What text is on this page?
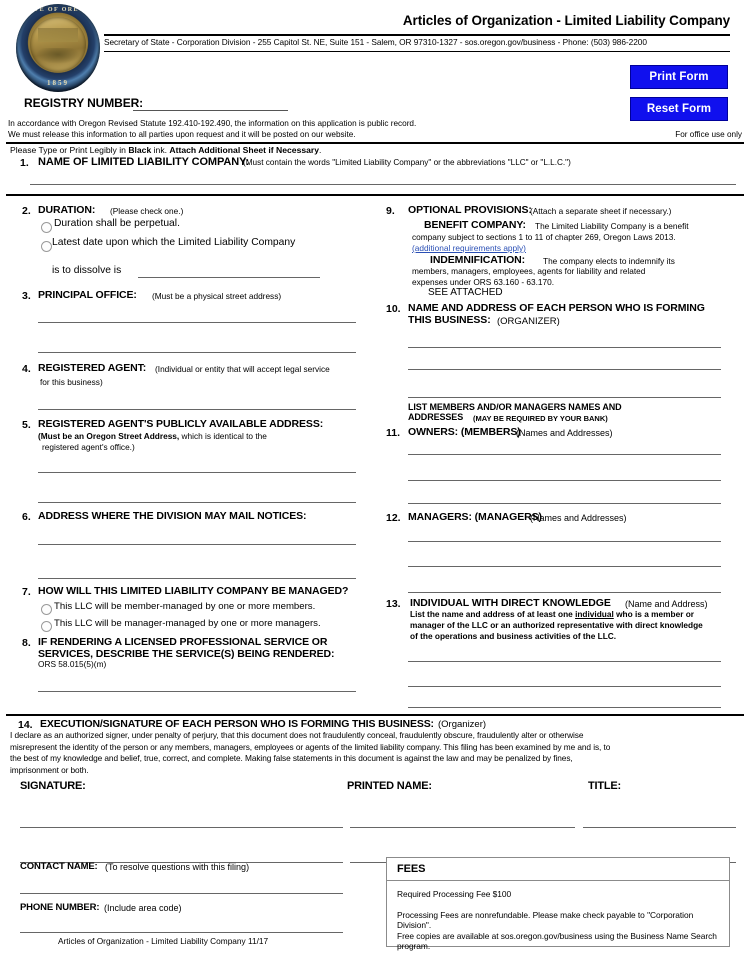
STATE OF OREGON
1859
Articles of Organization - Limited Liability Company
Secretary of State - Corporation Division - 255 Capitol St. NE, Suite 151 - Salem, OR 97310-1327 - sos.oregon.gov/business - Phone: (503) 986-2200
Print Form
Reset Form
REGISTRY NUMBER:
In accordance with Oregon Revised Statute 192.410-192.490, the information on this application is public record.
We must release this information to all parties upon request and it will be posted on our website.	For office use only
Please Type or Print Legibly in Black ink. Attach Additional Sheet if Necessary.
1. NAME OF LIMITED LIABILITY COMPANY:
(Must contain the words "Limited Liability Company" or the abbreviations "LLC" or "L.L.C.")
2. DURATION: (Please check one.)
Duration shall be perpetual.
Latest date upon which the Limited Liability Company
is to dissolve is
3. PRINCIPAL OFFICE: (Must be a physical street address)
4. REGISTERED AGENT: (Individual or entity that will accept legal service
for this business)
5. REGISTERED AGENT'S PUBLICLY AVAILABLE ADDRESS:
(Must be an Oregon Street Address, which is identical to the
registered agent's office.)
6. ADDRESS WHERE THE DIVISION MAY MAIL NOTICES:
7. HOW WILL THIS LIMITED LIABILITY COMPANY BE MANAGED?
This LLC will be member-managed by one or more members.
This LLC will be manager-managed by one or more managers.
8. IF RENDERING A LICENSED PROFESSIONAL SERVICE OR
SERVICES, DESCRIBE THE SERVICE(S) BEING RENDERED:
ORS 58.015(5)(m)
9. OPTIONAL PROVISIONS:
(Attach a separate sheet if necessary.)
BENEFIT COMPANY: The Limited Liability Company is a benefit
company subject to sections 1 to 11 of chapter 269, Oregon Laws 2013.
(additional requirements apply)
INDEMNIFICATION: The company elects to indemnify its
members, managers, employees, agents for liability and related
expenses under ORS 63.160 - 63.170.
SEE ATTACHED
10. NAME AND ADDRESS OF EACH PERSON WHO IS FORMING
THIS BUSINESS: (ORGANIZER)
LIST MEMBERS AND/OR MANAGERS NAMES AND
ADDRESSES (MAY BE REQUIRED BY YOUR BANK)
11. OWNERS: (MEMBERS)
(Names and Addresses)
12. MANAGERS: (MANAGERS)
(Names and Addresses)
13. INDIVIDUAL WITH DIRECT KNOWLEDGE (Name and Address)
List the name and address of at least one individual who is a member or
manager of the LLC or an authorized representative with direct knowledge
of the operations and business activities of the LLC.
14. EXECUTION/SIGNATURE OF EACH PERSON WHO IS FORMING THIS BUSINESS: (Organizer)
I declare as an authorized signer, under penalty of perjury, that this document does not fraudulently conceal, fraudulently obscure, fraudulently alter or otherwise
misrepresent the identity of the person or any members, managers, employees or agents of the limited liability company. This filing has been examined by me and is, to
the best of my knowledge and belief, true, correct, and complete. Making false statements in this document is against the law and may be penalized by fines,
imprisonment or both.
SIGNATURE:	PRINTED NAME:	TITLE:
CONTACT NAME: (To resolve questions with this filing)
PHONE NUMBER: (Include area code)
Articles of Organization - Limited Liability Company 11/17
FEES
Required Processing Fee $100
Processing Fees are nonrefundable. Please make check payable to "Corporation Division".
Free copies are available at sos.oregon.gov/business using the Business Name Search program.
